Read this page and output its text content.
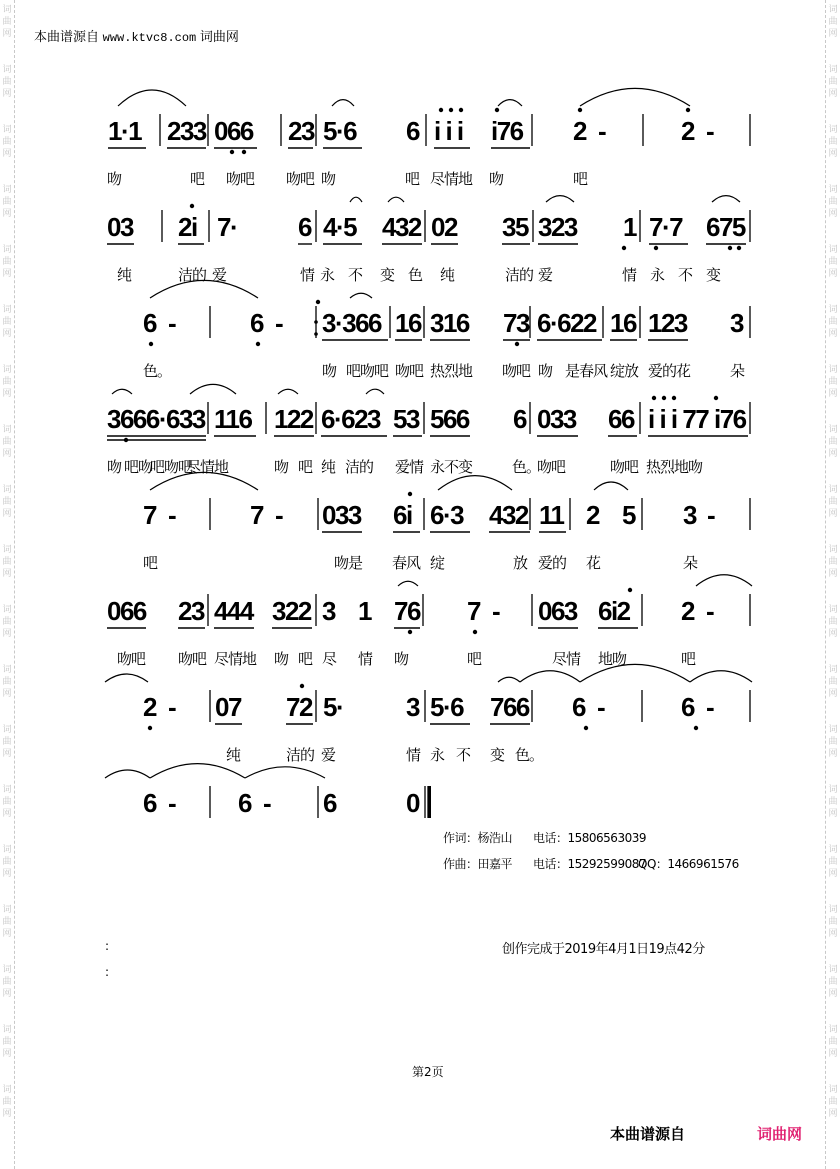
词
曲
网
词
曲
网
词
曲
网
词
曲
网
词
曲
网
词
曲
网
词
曲
网
词
曲
网
词
曲
网
词
曲
网
词
曲
网
词
曲
网
词
曲
网
词
曲
网
词
曲
网
词
曲
网
词
曲
网
词
曲
网
词
曲
网
词
曲
网
词
曲
网
词
曲
网
词
曲
网
词
曲
网
词
曲
网
词
曲
网
词
曲
网
词
曲
网
词
曲
网
词
曲
网
词
曲
网
词
曲
网
词
曲
网
词
曲
网
词
曲
网
词
曲
网
词
曲
网
词
曲
网
本曲谱源自 www.ktvc8.com 词曲网
1·1 233 066 23 5·6 6 i i i i76 2 -	2 -
吻	吧 吻吧 吻吧 吻	吧 尽情地 吻	吧
03 2i 7· 6 4·5 432 02 35 323 1 7·7 675
纯	洁的 爱	情 永 不 变 色 纯	洁的 爱	情 永 不 变
6 -	6 - 3·366 16 316 73 6·622 16 123 3
色。	吻 吧吻吧 吻吧 热烈地 吻吧 吻 是春风 绽放 爱的花	朵
3666·633 116 122 6·623 53 566 6 033 66 i i i 77 i76
吻 吧吻
吧吻吧
尽情地	吻 吧 纯 洁的 爱情 永不变	色。
吻吧	吻吧 热烈地吻
7 -	7 - 033 6i 6·3 432 11 2 5 3 -
吧	吻是 春风 绽	放 爱的 花	朵
066 23 444 322 3 1 76 7 - 063 6i2 2 -
吻吧 吻吧 尽情地 吻 吧 尽 情 吻	吧	尽情 地吻	吧
2 - 07 72 5· 3 5·6 766 6 -	6 -
纯	洁的 爱	情 永 不 变 色。
6 - 6 - 6	0
作词：杨浩山 电话：15806563039
作曲：田嘉平 电话：15292599087
QQ：1466961576
:
:
创作完成于2019年4月1日19点42分
第2页
本曲谱源自	词曲网
